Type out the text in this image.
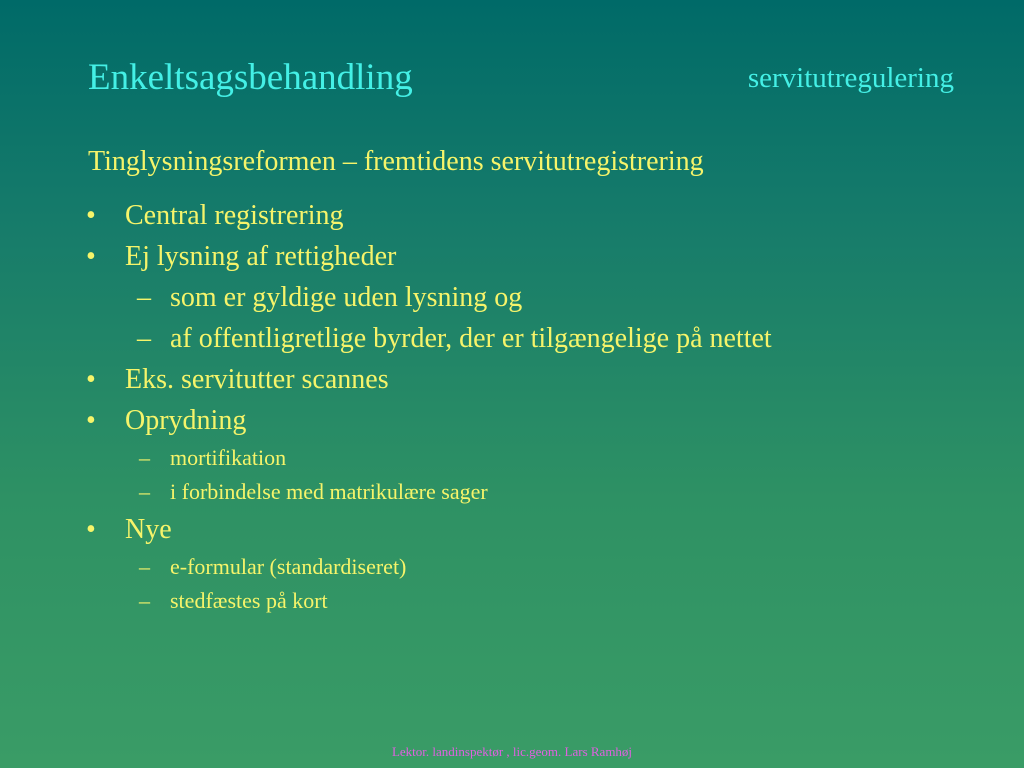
Enkeltsagsbehandling	servitutregulering
Tinglysningsreformen – fremtidens servitutregistrering
• Central registrering
• Ej lysning af rettigheder
– som er gyldige uden lysning og
– af offentligretlige byrder, der er tilgængelige på nettet
• Eks. servitutter scannes
• Oprydning
– mortifikation
– i forbindelse med matrikulære sager
• Nye
– e-formular (standardiseret)
– stedfæstes på kort
Lektor. landinspektør , lic.geom. Lars Ramhøj
